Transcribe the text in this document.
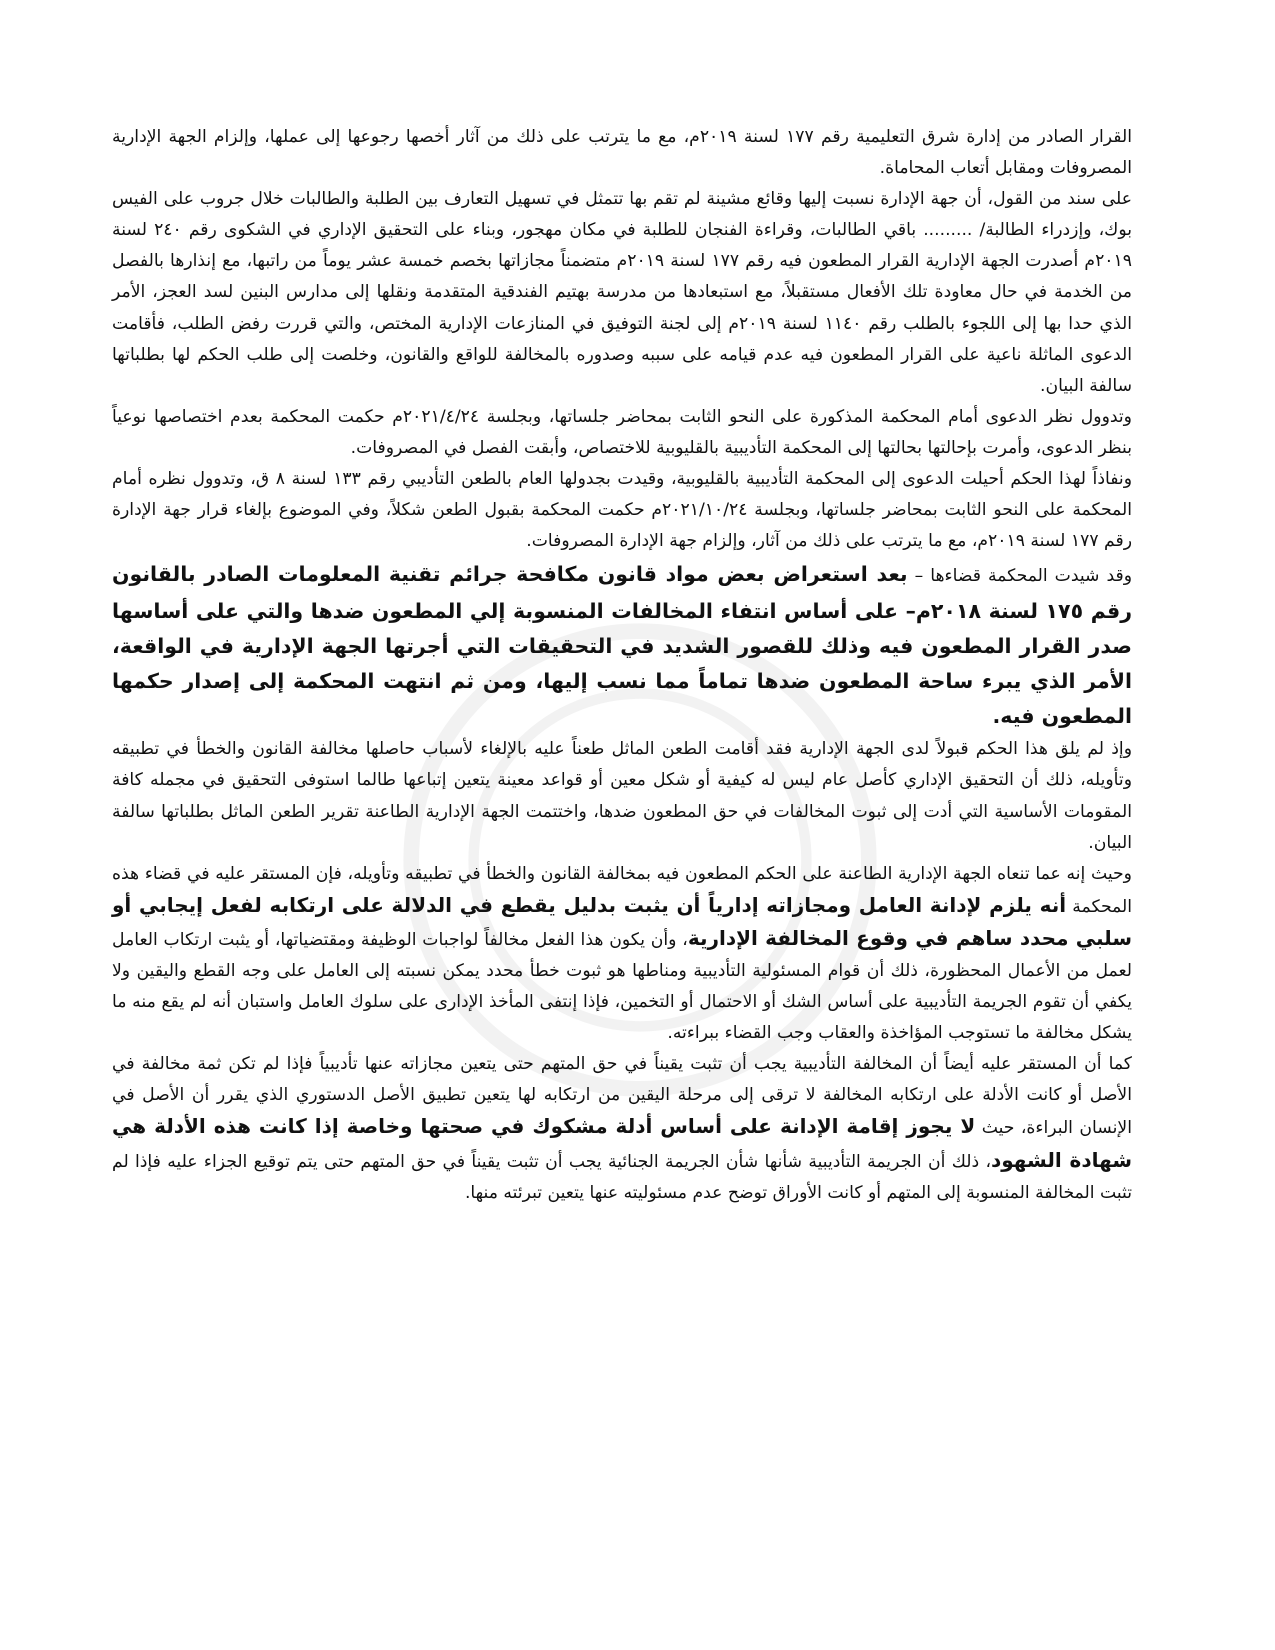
القرار الصادر من إدارة شرق التعليمية رقم ١٧٧ لسنة ٢٠١٩م، مع ما يترتب على ذلك من آثار أخصها رجوعها إلى عملها، وإلزام الجهة الإدارية المصروفات ومقابل أتعاب المحاماة.

على سند من القول، أن جهة الإدارة نسبت إليها وقائع مشينة لم تقم بها تتمثل في تسهيل التعارف بين الطلبة والطالبات خلال جروب على الفيس بوك، وإزدراء الطالبة/ ......... باقي الطالبات، وقراءة الفنجان للطلبة في مكان مهجور، وبناء على التحقيق الإداري في الشكوى رقم ٢٤٠ لسنة ٢٠١٩م أصدرت الجهة الإدارية القرار المطعون فيه رقم ١٧٧ لسنة ٢٠١٩م متضمناً مجازاتها بخصم خمسة عشر يوماً من راتبها، مع إنذارها بالفصل من الخدمة في حال معاودة تلك الأفعال مستقبلاً، مع استبعادها من مدرسة بهتيم الفندقية المتقدمة ونقلها إلى مدارس البنين لسد العجز، الأمر الذي حدا بها إلى اللجوء بالطلب رقم ١١٤٠ لسنة ٢٠١٩م إلى لجنة التوفيق في المنازعات الإدارية المختص، والتي قررت رفض الطلب، فأقامت الدعوى الماثلة ناعية على القرار المطعون فيه عدم قيامه على سببه وصدوره بالمخالفة للواقع والقانون، وخلصت إلى طلب الحكم لها بطلباتها سالفة البيان.

وتدوول نظر الدعوى أمام المحكمة المذكورة على النحو الثابت بمحاضر جلساتها، وبجلسة ٢٠٢١/٤/٢٤م حكمت المحكمة بعدم اختصاصها نوعياً بنظر الدعوى، وأمرت بإحالتها بحالتها إلى المحكمة التأديبية بالقليوبية للاختصاص، وأبقت الفصل في المصروفات.

ونفاذاً لهذا الحكم أحيلت الدعوى إلى المحكمة التأديبية بالقليوبية، وقيدت بجدولها العام بالطعن التأديبي رقم ١٣٣ لسنة ٨ ق، وتدوول نظره أمام المحكمة على النحو الثابت بمحاضر جلساتها، وبجلسة ٢٠٢١/١٠/٢٤م حكمت المحكمة بقبول الطعن شكلاً، وفي الموضوع بإلغاء قرار جهة الإدارة رقم ١٧٧ لسنة ٢٠١٩م، مع ما يترتب على ذلك من آثار، وإلزام جهة الإدارة المصروفات.

وقد شيدت المحكمة قضاءها – بعد استعراض بعض مواد قانون مكافحة جرائم تقنية المعلومات الصادر بالقانون رقم ١٧٥ لسنة ٢٠١٨م– على أساس انتفاء المخالفات المنسوبة إلي المطعون ضدها والتي على أساسها صدر القرار المطعون فيه وذلك للقصور الشديد في التحقيقات التي أجرتها الجهة الإدارية في الواقعة، الأمر الذي يبرء ساحة المطعون ضدها تماماً مما نسب إليها، ومن ثم انتهت المحكمة إلى إصدار حكمها المطعون فيه.

وإذ لم يلق هذا الحكم قبولاً لدى الجهة الإدارية فقد أقامت الطعن الماثل طعناً عليه بالإلغاء لأسباب حاصلها مخالفة القانون والخطأ في تطبيقه وتأويله، ذلك أن التحقيق الإداري كأصل عام ليس له كيفية أو شكل معين أو قواعد معينة يتعين إتباعها طالما استوفى التحقيق في مجمله كافة المقومات الأساسية التي أدت إلى ثبوت المخالفات في حق المطعون ضدها، واختتمت الجهة الإدارية الطاعنة تقرير الطعن الماثل بطلباتها سالفة البيان.

وحيث إنه عما تنعاه الجهة الإدارية الطاعنة على الحكم المطعون فيه بمخالفة القانون والخطأ في تطبيقه وتأويله، فإن المستقر عليه في قضاء هذه المحكمة أنه يلزم لإدانة العامل ومجازاته إدارياً أن يثبت بدليل يقطع في الدلالة على ارتكابه لفعل إيجابي أو سلبي محدد ساهم في وقوع المخالفة الإدارية، وأن يكون هذا الفعل مخالفاً لواجبات الوظيفة ومقتضياتها، أو يثبت ارتكاب العامل لعمل من الأعمال المحظورة، ذلك أن قوام المسئولية التأديبية ومناطها هو ثبوت خطأ محدد يمكن نسبته إلى العامل على وجه القطع واليقين ولا يكفي أن تقوم الجريمة التأديبية على أساس الشك أو الاحتمال أو التخمين، فإذا إنتفى المأخذ الإدارى على سلوك العامل واستبان أنه لم يقع منه ما يشكل مخالفة ما تستوجب المؤاخذة والعقاب وجب القضاء ببراءته.

كما أن المستقر عليه أيضاً أن المخالفة التأديبية يجب أن تثبت يقيناً في حق المتهم حتى يتعين مجازاته عنها تأديبياً فإذا لم تكن ثمة مخالفة في الأصل أو كانت الأدلة على ارتكابه المخالفة لا ترقى إلى مرحلة اليقين من ارتكابه لها يتعين تطبيق الأصل الدستوري الذي يقرر أن الأصل في الإنسان البراءة، حيث لا يجوز إقامة الإدانة على أساس أدلة مشكوك في صحتها وخاصة إذا كانت هذه الأدلة هي شهادة الشهود، ذلك أن الجريمة التأديبية شأنها شأن الجريمة الجنائية يجب أن تثبت يقيناً في حق المتهم حتى يتم توقيع الجزاء عليه فإذا لم تثبت المخالفة المنسوبة إلى المتهم أو كانت الأوراق توضح عدم مسئوليته عنها يتعين تبرئته منها.
